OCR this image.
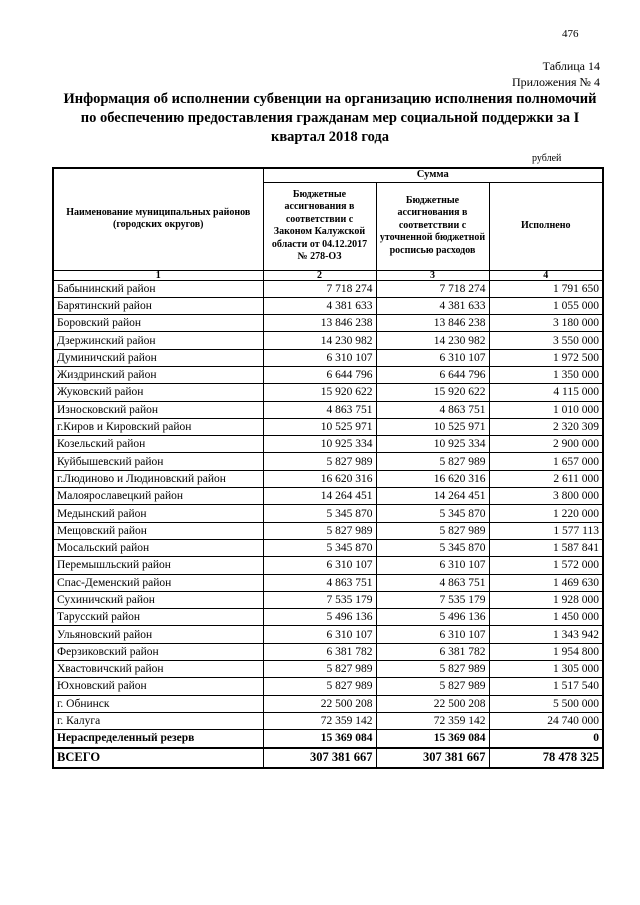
476
Таблица 14
Приложения № 4
Информация об исполнении субвенции на организацию исполнения полномочий по обеспечению предоставления гражданам мер социальной поддержки за I квартал 2018 года
рублей
Наименование муниципальных районов (городских округов)	Сумма		
	Бюджетные ассигнования в соответствии с Законом Калужской области от 04.12.2017 № 278-ОЗ	Бюджетные ассигнования в соответствии с уточненной бюджетной росписью расходов	Исполнено
1	2	3	4
Бабынинский район	7 718 274	7 718 274	1 791 650
Барятинский район	4 381 633	4 381 633	1 055 000
Боровский район	13 846 238	13 846 238	3 180 000
Дзержинский район	14 230 982	14 230 982	3 550 000
Думиничский район	6 310 107	6 310 107	1 972 500
Жиздринский район	6 644 796	6 644 796	1 350 000
Жуковский район	15 920 622	15 920 622	4 115 000
Износковский район	4 863 751	4 863 751	1 010 000
г.Киров и Кировский район	10 525 971	10 525 971	2 320 309
Козельский район	10 925 334	10 925 334	2 900 000
Куйбышевский район	5 827 989	5 827 989	1 657 000
г.Людиново и Людиновский район	16 620 316	16 620 316	2 611 000
Малоярославецкий район	14 264 451	14 264 451	3 800 000
Медынский район	5 345 870	5 345 870	1 220 000
Мещовский район	5 827 989	5 827 989	1 577 113
Мосальский район	5 345 870	5 345 870	1 587 841
Перемышльский район	6 310 107	6 310 107	1 572 000
Спас-Деменский район	4 863 751	4 863 751	1 469 630
Сухиничский район	7 535 179	7 535 179	1 928 000
Тарусский район	5 496 136	5 496 136	1 450 000
Ульяновский район	6 310 107	6 310 107	1 343 942
Ферзиковский район	6 381 782	6 381 782	1 954 800
Хвастовичский район	5 827 989	5 827 989	1 305 000
Юхновский район	5 827 989	5 827 989	1 517 540
г. Обнинск	22 500 208	22 500 208	5 500 000
г. Калуга	72 359 142	72 359 142	24 740 000
Нераспределенный резерв	15 369 084	15 369 084	0
ВСЕГО	307 381 667	307 381 667	78 478 325
